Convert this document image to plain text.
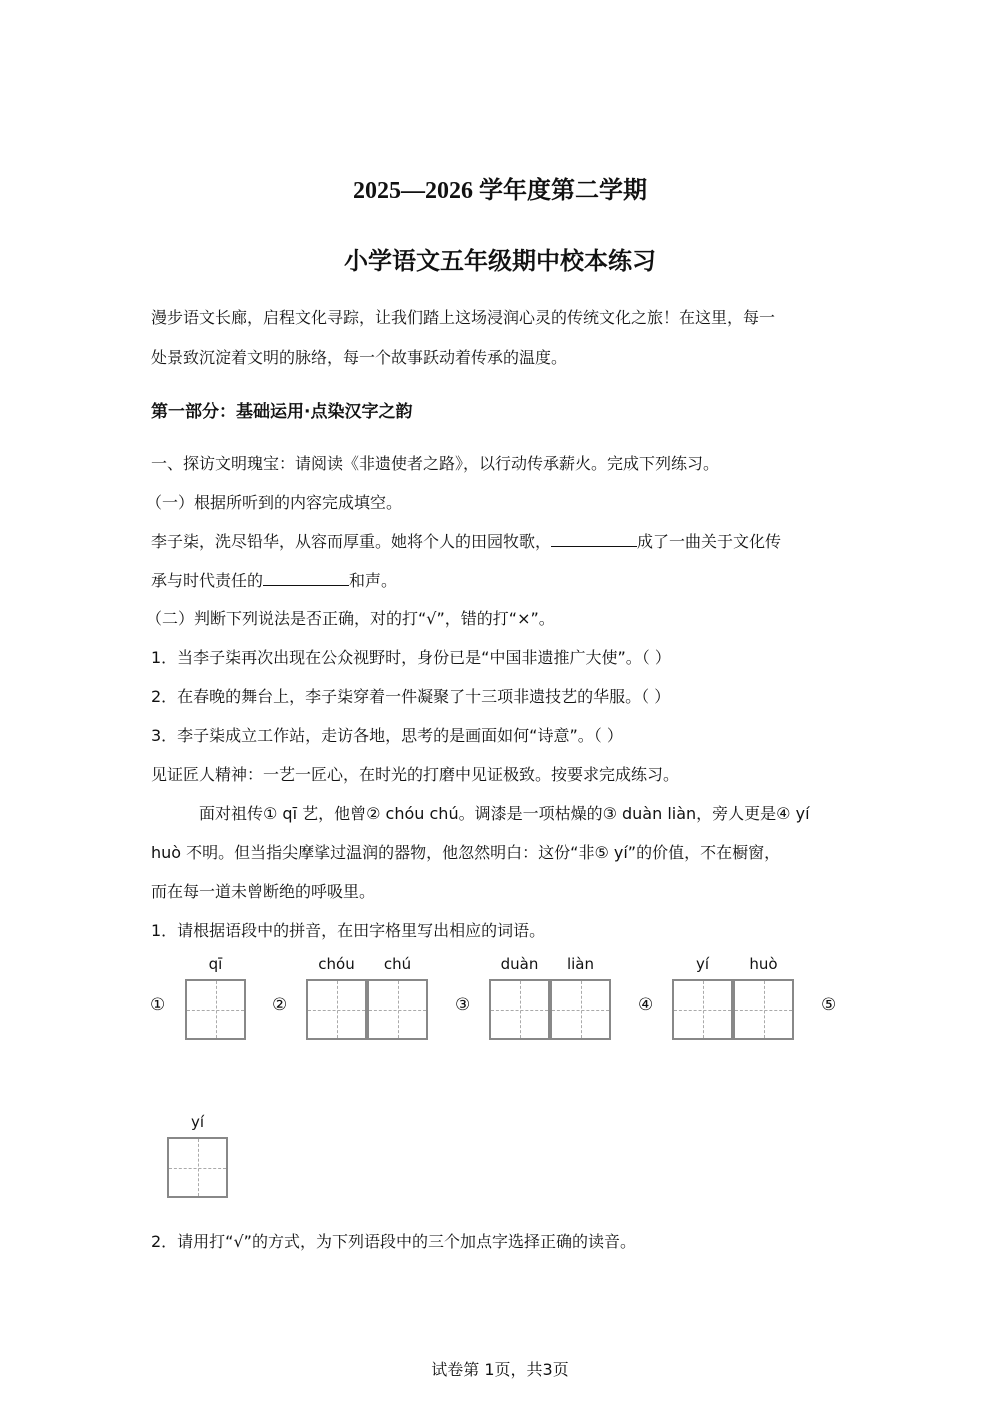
2025—2026 学年度第二学期
小学语文五年级期中校本练习
漫步语文长廊，启程文化寻踪，让我们踏上这场浸润心灵的传统文化之旅！在这里，每一
处景致沉淀着文明的脉络，每一个故事跃动着传承的温度。
第一部分：基础运用·点染汉字之韵
一、探访文明瑰宝：请阅读《非遗使者之路》，以行动传承薪火。完成下列练习。
（一）根据所听到的内容完成填空。
李子柒，洗尽铅华，从容而厚重。她将个人的田园牧歌，	成了一曲关于文化传
承与时代责任的	和声。
（二）判断下列说法是否正确，对的打“√”，错的打“×”。
1．当李子柒再次出现在公众视野时，身份已是“中国非遗推广大使”。（ ）
2．在春晚的舞台上，李子柒穿着一件凝聚了十三项非遗技艺的华服。（ ）
3．李子柒成立工作站，走访各地，思考的是画面如何“诗意”。（ ）
见证匠人精神：一艺一匠心，在时光的打磨中见证极致。按要求完成练习。
面对祖传① qī 艺，他曾② chóu chú。调漆是一项枯燥的③ duàn liàn，旁人更是④ yí
huò 不明。但当指尖摩挲过温润的器物，他忽然明白：这份“非⑤ yí”的价值，不在橱窗，
而在每一道未曾断绝的呼吸里。
1．请根据语段中的拼音，在田字格里写出相应的词语。
①
qī
②
chóu	chú
③
duàn	liàn
④
yí	huò
⑤
yí
2．请用打“√”的方式，为下列语段中的三个加点字选择正确的读音。
试卷第 1页，共3页
